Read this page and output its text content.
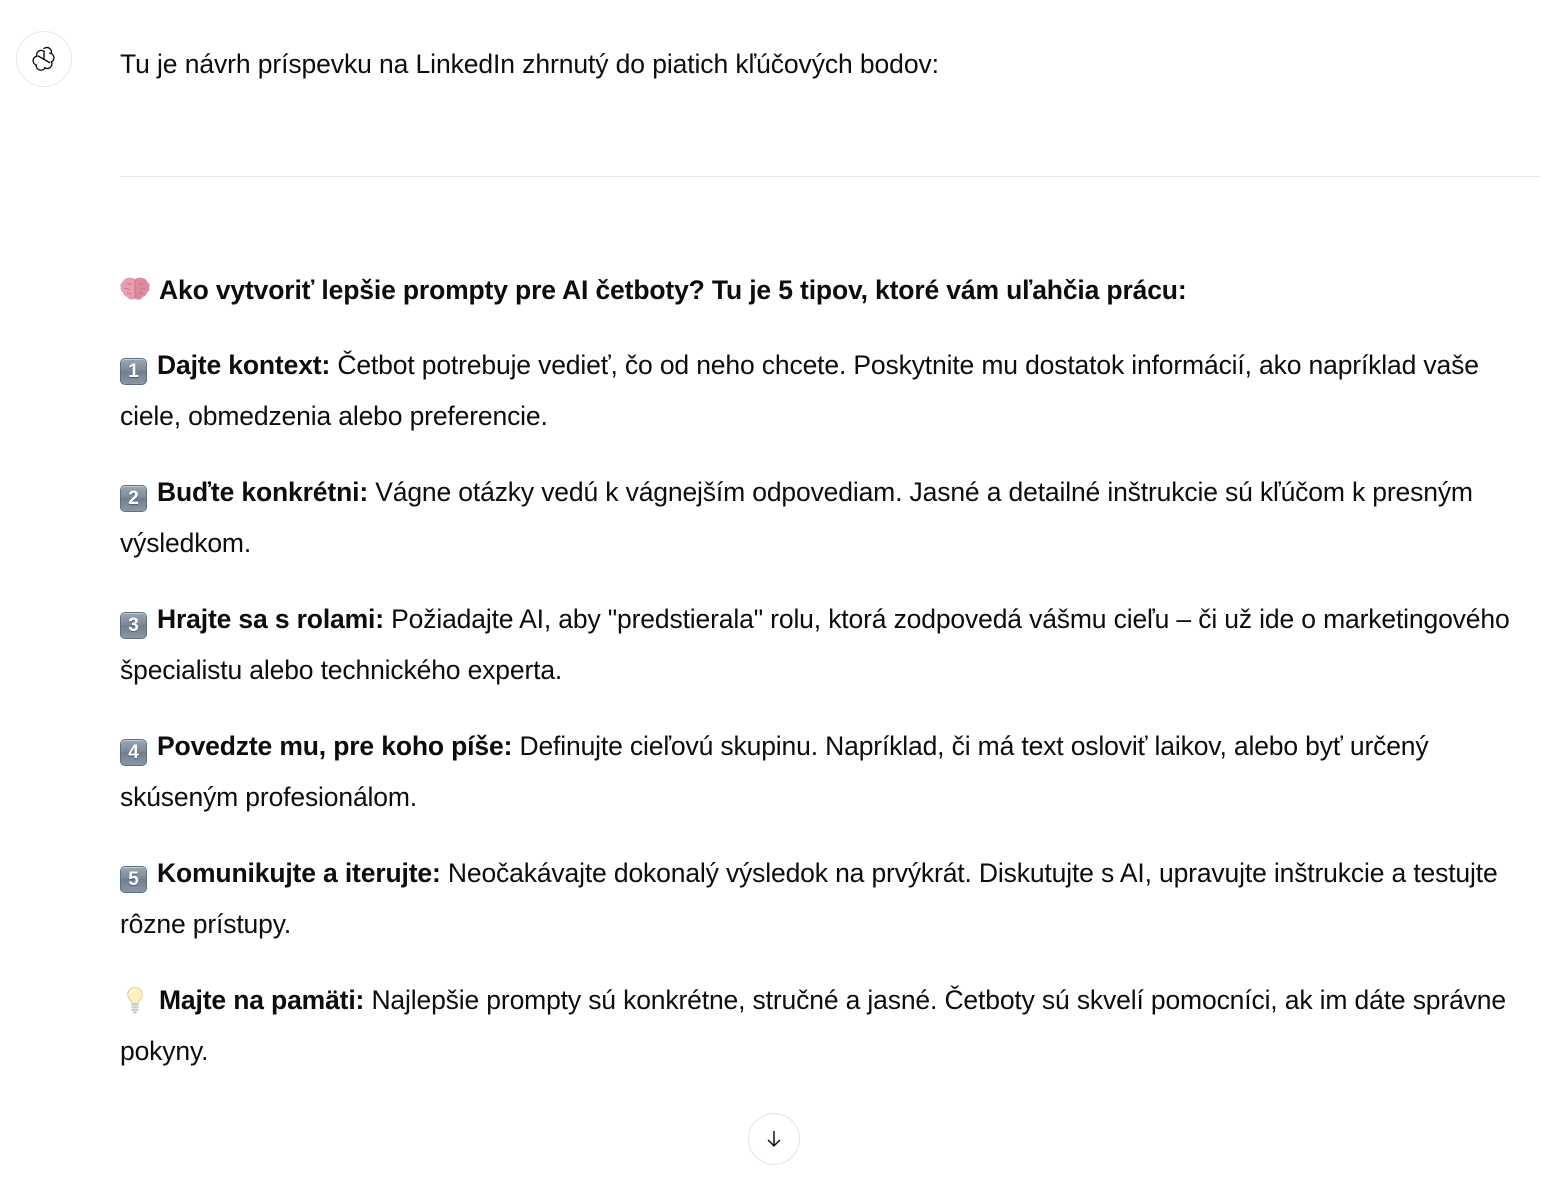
Tu je návrh príspevku na LinkedIn zhrnutý do piatich kľúčových bodov:

Ako vytvoriť lepšie prompty pre AI četboty? Tu je 5 tipov, ktoré vám uľahčia prácu:

1 Dajte kontext: Četbot potrebuje vedieť, čo od neho chcete. Poskytnite mu dostatok informácií, ako napríklad vaše ciele, obmedzenia alebo preferencie.

2 Buďte konkrétni: Vágne otázky vedú k vágnejším odpovediam. Jasné a detailné inštrukcie sú kľúčom k presným výsledkom.

3 Hrajte sa s rolami: Požiadajte AI, aby "predstierala" rolu, ktorá zodpovedá vášmu cieľu – či už ide o marketingového špecialistu alebo technického experta.

4 Povedzte mu, pre koho píše: Definujte cieľovú skupinu. Napríklad, či má text osloviť laikov, alebo byť určený skúseným profesionálom.

5 Komunikujte a iterujte: Neočakávajte dokonalý výsledok na prvýkrát. Diskutujte s AI, upravujte inštrukcie a testujte rôzne prístupy.

Majte na pamäti: Najlepšie prompty sú konkrétne, stručné a jasné. Četboty sú skvelí pomocníci, ak im dáte správne pokyny.
